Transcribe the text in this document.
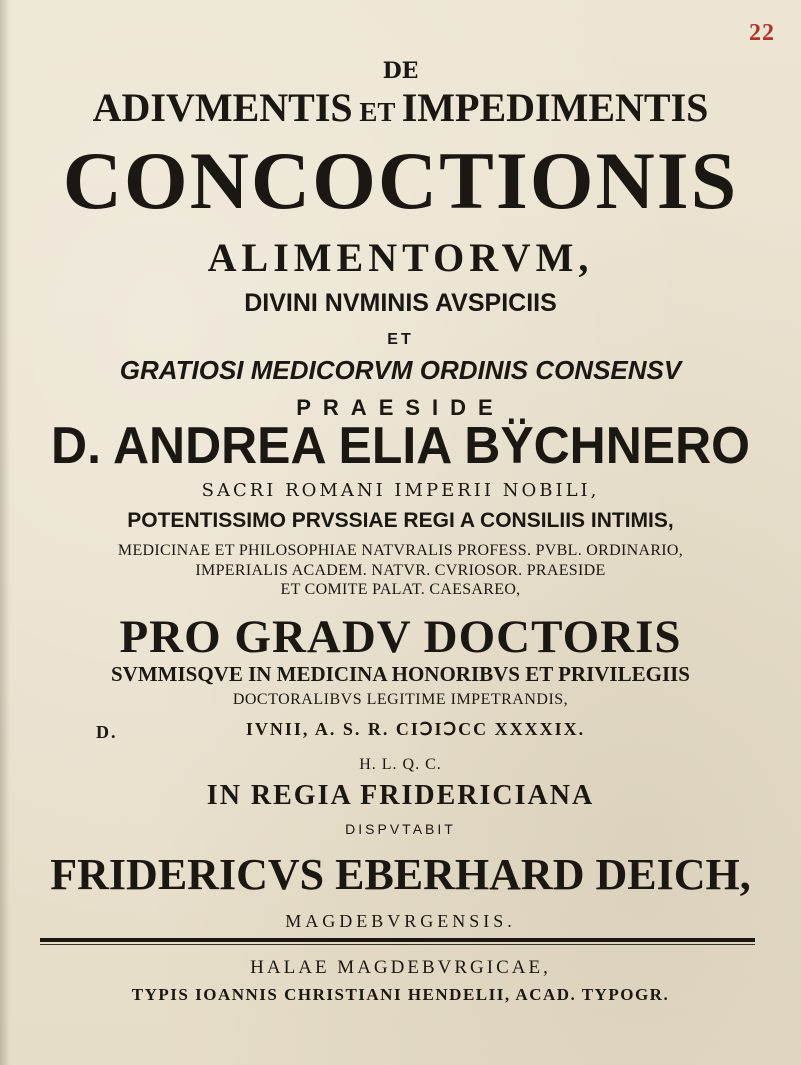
22
DE
ADIVMENTIS ET IMPEDIMENTIS
CONCOCTIONIS
ALIMENTORVM,
DIVINI NVMINIS AVSPICIIS
ET
GRATIOSI MEDICORVM ORDINIS CONSENSV
PRAESIDE
D. ANDREA ELIA BŸCHNERO
SACRI ROMANI IMPERII NOBILI,
POTENTISSIMO PRVSSIAE REGI A CONSILIIS INTIMIS,
MEDICINAE ET PHILOSOPHIAE NATVRALIS PROFESS. PVBL. ORDINARIO,
IMPERIALIS ACADEM. NATVR. CVRIOSOR. PRAESIDE
ET COMITE PALAT. CAESAREO,
PRO GRADV DOCTORIS
SVMMISQVE IN MEDICINA HONORIBVS ET PRIVILEGIIS
DOCTORALIBVS LEGITIME IMPETRANDIS,
D.	IVNII, A. S. R. CIↃIↃCC XXXXIX.
H. L. Q. C.
IN REGIA FRIDERICIANA
DISPVTABIT
FRIDERICVS EBERHARD DEICH,
MAGDEBVRGENSIS.
HALAE MAGDEBVRGICAE,
TYPIS IOANNIS CHRISTIANI HENDELII, ACAD. TYPOGR.
